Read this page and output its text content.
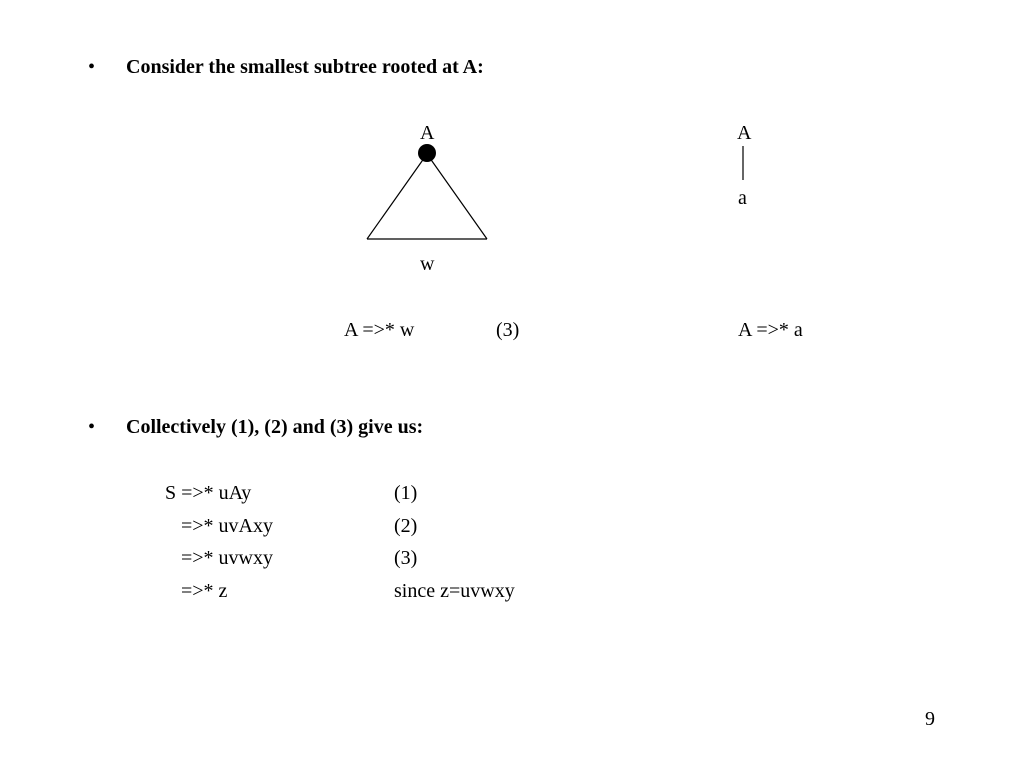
• Consider the smallest subtree rooted at A:
A
w
A =>* w	(3)
A
a
A =>* a
• Collectively (1), (2) and (3) give us:
S =>* uAy	(1)
=>* uvAxy	(2)
=>* uvwxy	(3)
=>* z	since z=uvwxy
9
